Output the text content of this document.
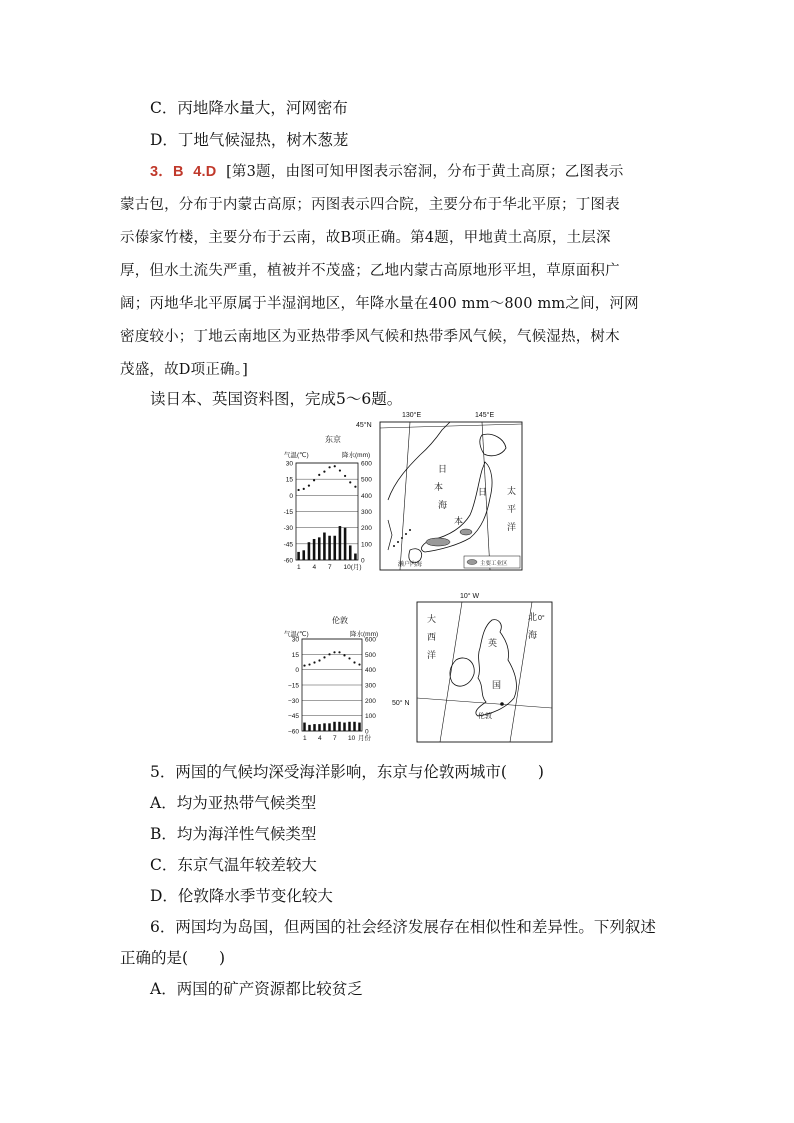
C．丙地降水量大，河网密布
D．丁地气候湿热，树木葱茏
3．B 4.D [第3题，由图可知甲图表示窑洞，分布于黄土高原；乙图表示
蒙古包，分布于内蒙古高原；丙图表示四合院，主要分布于华北平原；丁图表
示傣家竹楼，主要分布于云南，故B项正确。第4题，甲地黄土高原，土层深
厚，但水土流失严重，植被并不茂盛；乙地内蒙古高原地形平坦，草原面积广
阔；丙地华北平原属于半湿润地区，年降水量在400 mm～800 mm之间，河网
密度较小；丁地云南地区为亚热带季风气候和热带季风气候，气候湿热，树木
茂盛，故D项正确。]
读日本、英国资料图，完成5～6题。
东京
气温(℃)	降水(mm)
30
15
0
-15
-30
-45
-60
600
500
400
300
200
100
0
1 4 7 10(月)
130°E	145°E
45°N
日
本
海
日
本
太
平
洋
濑户内海	主要工业区
伦敦
气温(℃)	降水(mm)
30
15
0
−15
−30
−45
−60
600
500
400
300
200
100
0
1 4 7 10 月份
10° W
0°
50° N
大
西
洋
北
海
英
国
伦敦
5．两国的气候均深受海洋影响，东京与伦敦两城市(　　)
A．均为亚热带气候类型
B．均为海洋性气候类型
C．东京气温年较差较大
D．伦敦降水季节变化较大
6．两国均为岛国，但两国的社会经济发展存在相似性和差异性。下列叙述
正确的是(　　)
A．两国的矿产资源都比较贫乏
